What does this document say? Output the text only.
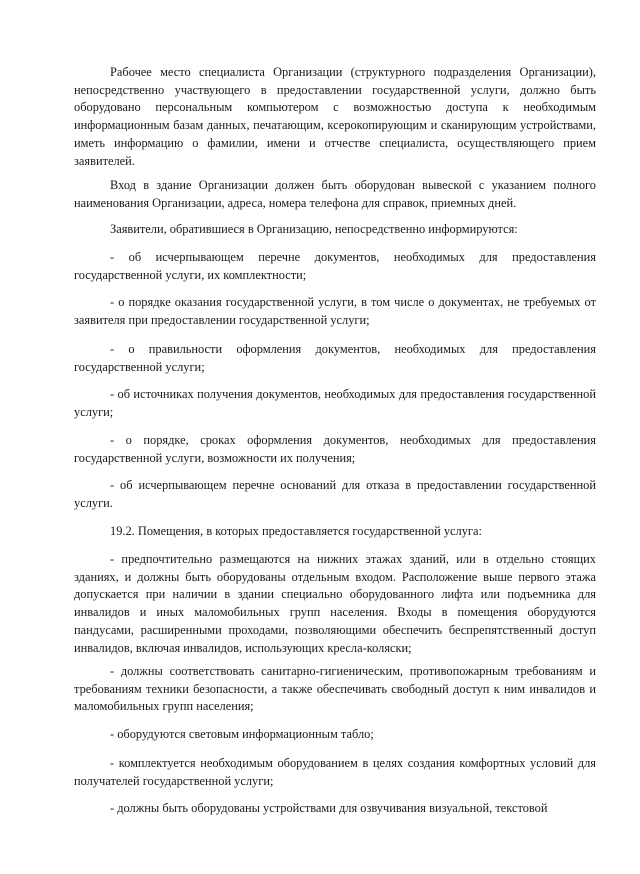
Рабочее место специалиста Организации (структурного подразделения Организации), непосредственно участвующего в предоставлении государственной услуги, должно быть оборудовано персональным компьютером с возможностью доступа к необходимым информационным базам данных, печатающим, ксерокопирующим и сканирующим устройствами, иметь информацию о фамилии, имени и отчестве специалиста, осуществляющего прием заявителей.

Вход в здание Организации должен быть оборудован вывеской с указанием полного наименования Организации, адреса, номера телефона для справок, приемных дней.

Заявители, обратившиеся в Организацию, непосредственно информируются:

- об исчерпывающем перечне документов, необходимых для предоставления государственной услуги, их комплектности;

- о порядке оказания государственной услуги, в том числе о документах, не требуемых от заявителя при предоставлении государственной услуги;

- о правильности оформления документов, необходимых для предоставления государственной услуги;

- об источниках получения документов, необходимых для предоставления государственной услуги;

- о порядке, сроках оформления документов, необходимых для предоставления государственной услуги, возможности их получения;

- об исчерпывающем перечне оснований для отказа в предоставлении государственной услуги.

19.2. Помещения, в которых предоставляется государственной услуга:

- предпочтительно размещаются на нижних этажах зданий, или в отдельно стоящих зданиях, и должны быть оборудованы отдельным входом. Расположение выше первого этажа допускается при наличии в здании специально оборудованного лифта или подъемника для инвалидов и иных маломобильных групп населения. Входы в помещения оборудуются пандусами, расширенными проходами, позволяющими обеспечить беспрепятственный доступ инвалидов, включая инвалидов, использующих кресла-коляски;

- должны соответствовать санитарно-гигиеническим, противопожарным требованиям и требованиям техники безопасности, а также обеспечивать свободный доступ к ним инвалидов и маломобильных групп населения;

- оборудуются световым информационным табло;

- комплектуется необходимым оборудованием в целях создания комфортных условий для получателей государственной услуги;

- должны быть оборудованы устройствами для озвучивания визуальной, текстовой
